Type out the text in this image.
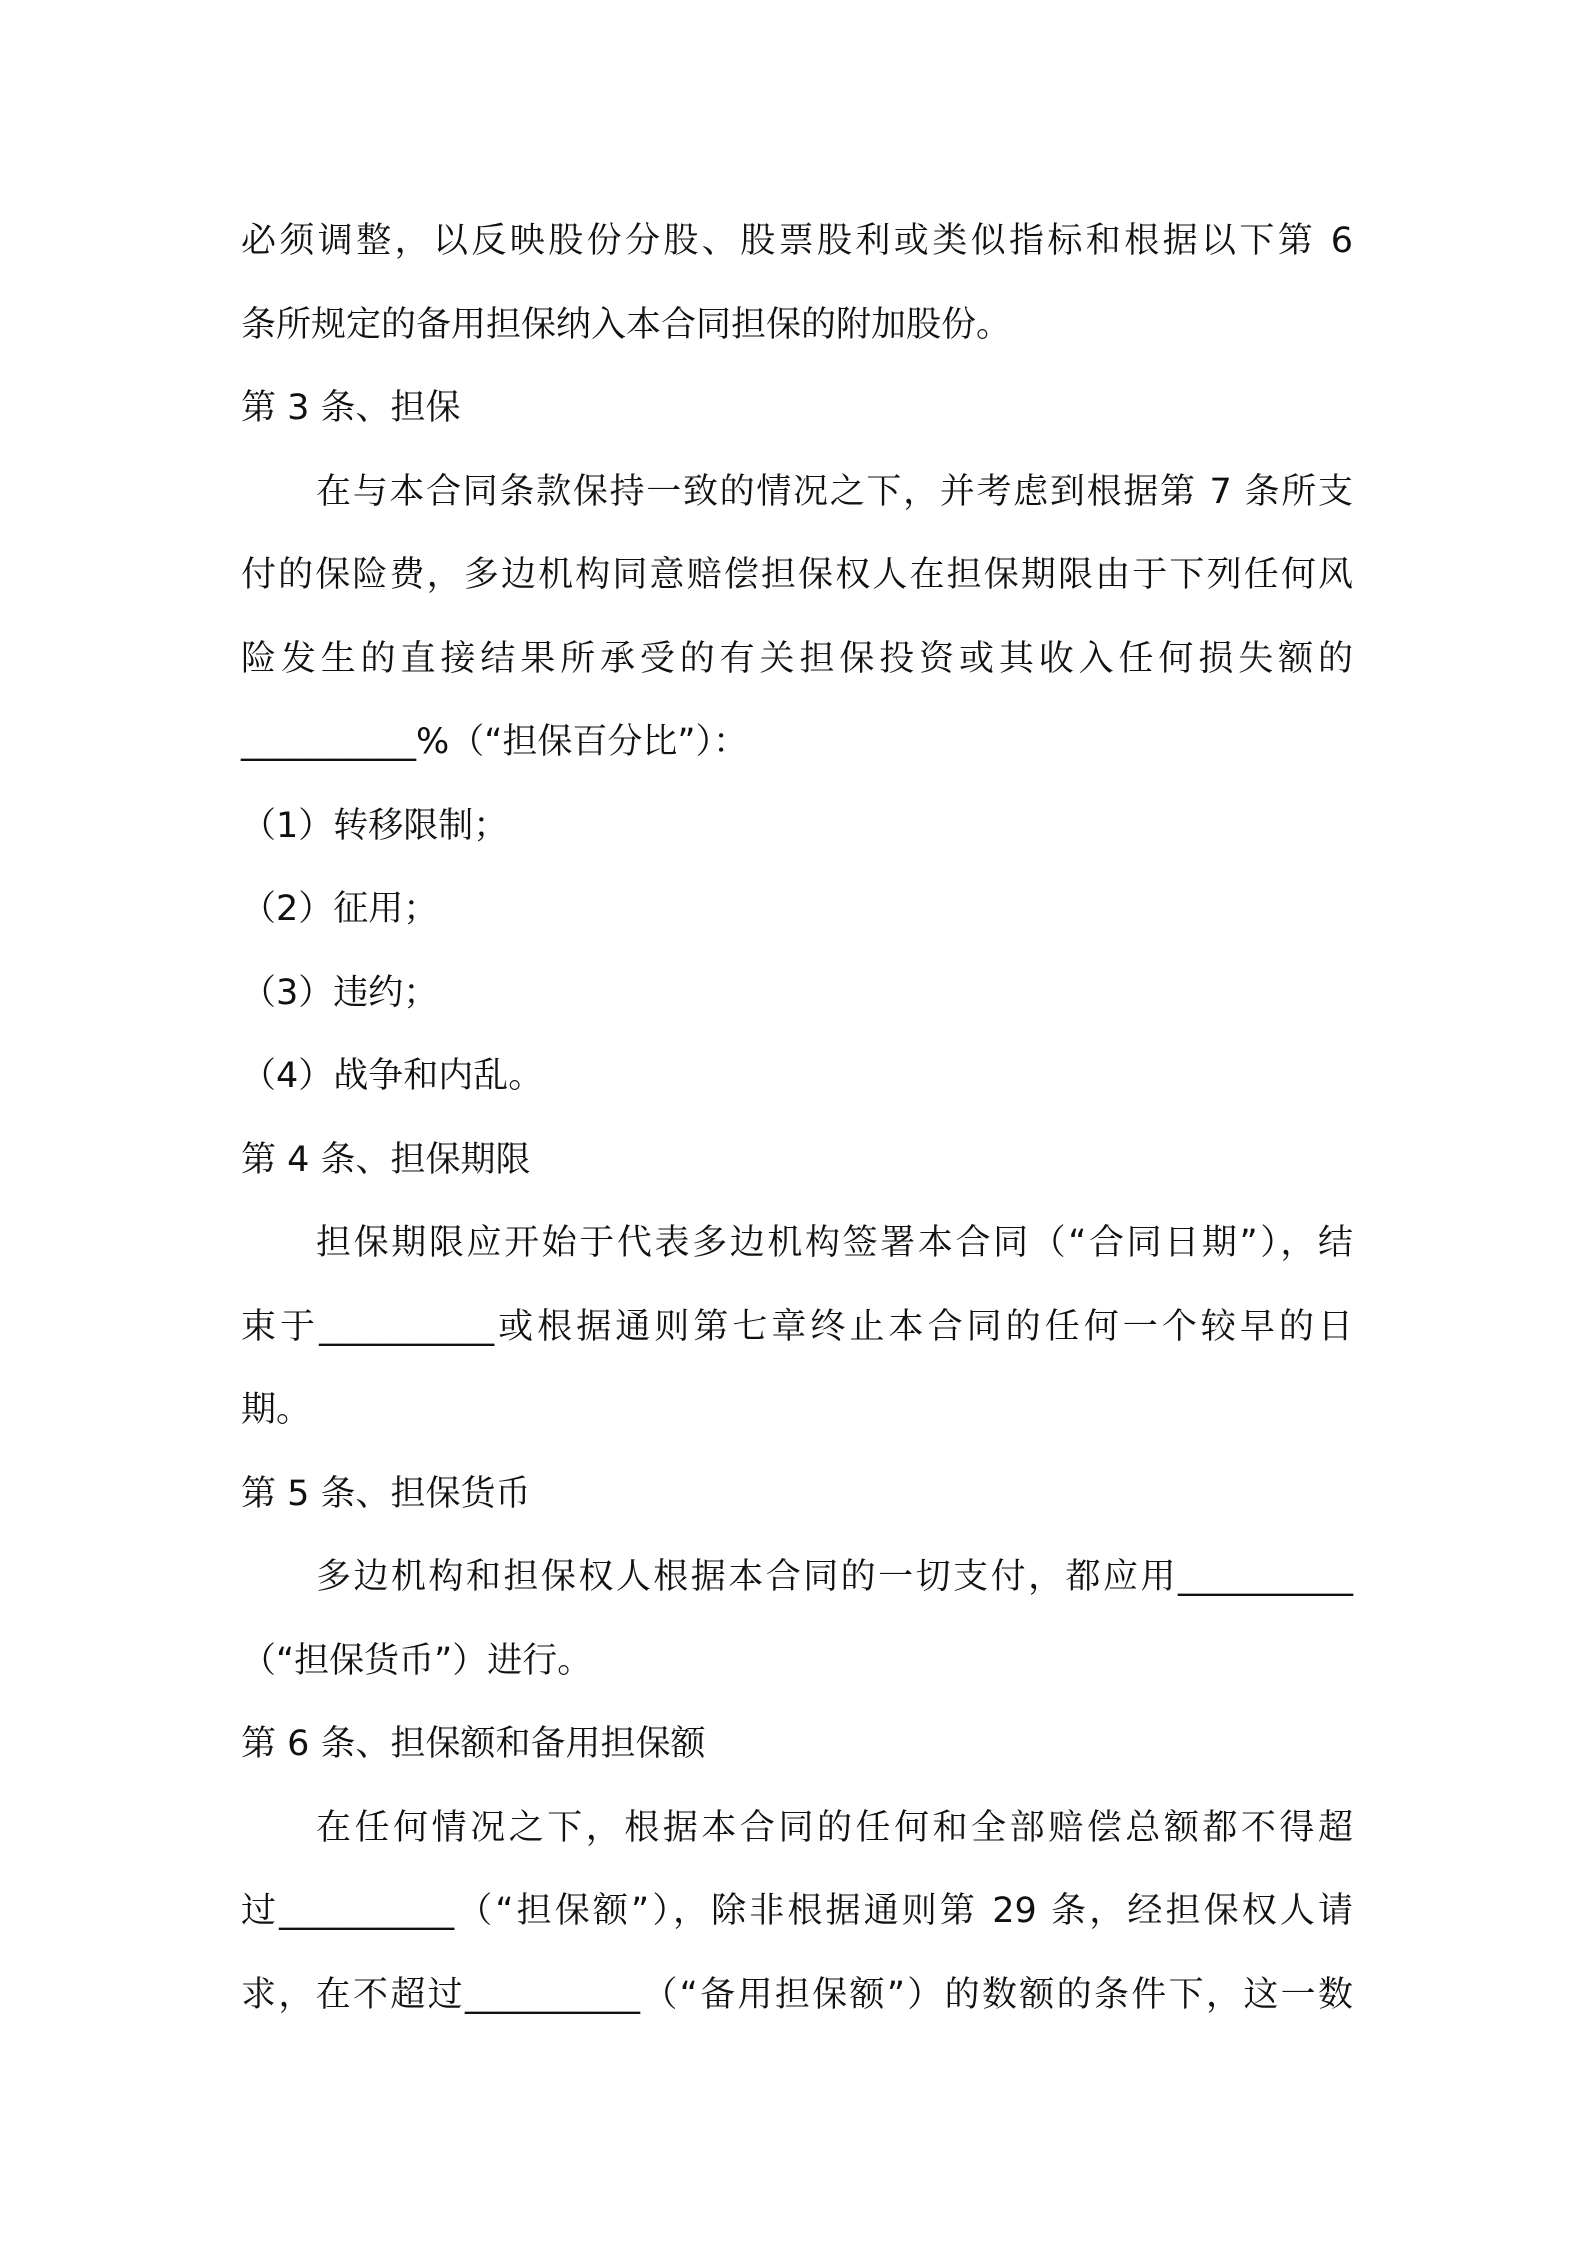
必须调整，以反映股份分股、股票股利或类似指标和根据以下第 6
条所规定的备用担保纳入本合同担保的附加股份。
第 3 条、担保
在与本合同条款保持一致的情况之下，并考虑到根据第 7 条所支
付的保险费，多边机构同意赔偿担保权人在担保期限由于下列任何风
险发生的直接结果所承受的有关担保投资或其收入任何损失额的
__________%（“担保百分比”）：
（1）转移限制；
（2）征用；
（3）违约；
（4）战争和内乱。
第 4 条、担保期限
担保期限应开始于代表多边机构签署本合同（“合同日期”），结
束于__________或根据通则第七章终止本合同的任何一个较早的日
期。
第 5 条、担保货币
多边机构和担保权人根据本合同的一切支付，都应用__________
（“担保货币”）进行。
第 6 条、担保额和备用担保额
在任何情况之下，根据本合同的任何和全部赔偿总额都不得超
过__________（“担保额”），除非根据通则第 29 条，经担保权人请
求，在不超过__________（“备用担保额”）的数额的条件下，这一数
